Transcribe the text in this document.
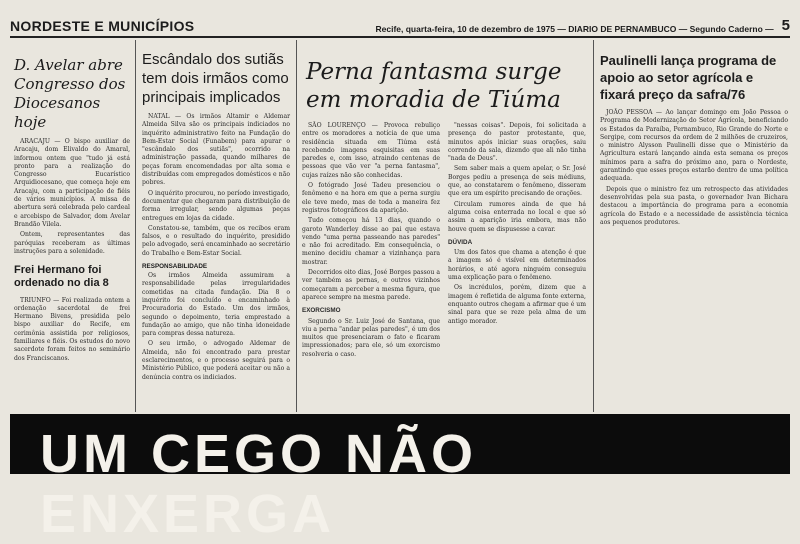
NORDESTE E MUNICÍPIOS	Recife, quarta-feira, 10 de dezembro de 1975 — DIARIO DE PERNAMBUCO — Segundo Caderno — 5
D. Avelar abre Congresso dos Diocesanos hoje

ARACAJU — O bispo auxiliar de Aracaju, dom Elivaldo do Amaral, informou ontem que "tudo já está pronto para a realização do Congresso Eucarístico Arquidiocesano, que começa hoje em Aracaju, com a participação de fiéis de vários municípios. A missa de abertura será celebrada pelo cardeal e arcebispo de Salvador, dom Avelar Brandão Vilela.

Ontem, representantes das paróquias receberam as últimas instruções para a solenidade.

Frei Hermano foi ordenado no dia 8

TRIUNFO — Foi realizada ontem a ordenação sacerdotal de frei Hermano Bivens, presidida pelo bispo auxiliar do Recife, em cerimônia assistida por religiosos, familiares e fiéis. Os estudos do novo sacerdote foram feitos no seminário dos Franciscanos.

Escândalo dos sutiãs tem dois irmãos como principais implicados

NATAL — Os irmãos Altamir e Aldemar Almeida Silva são os principais indiciados no inquérito administrativo feito na Fundação do Bem-Estar Social (Funabem) para apurar o "escândalo dos sutiãs", ocorrido na administração passada, quando milhares de peças foram encomendadas por alta soma e distribuídas com empregados domésticos e não pobres.

O inquérito procurou, no período investigado, documentar que chegaram para distribuição de forma irregular, sendo algumas peças entregues em lojas da cidade.

Constatou-se, também, que os recibos eram falsos, e o resultado do inquérito, presidido pelo advogado, será encaminhado ao secretário do Trabalho e Bem-Estar Social.

RESPONSABILIDADE

Os irmãos Almeida assumiram a responsabilidade pelas irregularidades cometidas na citada fundação. Dia 8 o inquérito foi concluído e encaminhado à Procuradoria do Estado. Um dos irmãos, segundo o depoimento, teria emprestado a fundação ao amigo, que não tinha idoneidade para compras dessa natureza.

O seu irmão, o advogado Aldemar de Almeida, não foi encontrado para prestar esclarecimentos, e o processo seguirá para o Ministério Público, que poderá aceitar ou não a denúncia contra os indiciados.

Perna fantasma surge em moradia de Tiúma

SÃO LOURENÇO — Provoca rebuliço entre os moradores a notícia de que uma residência situada em Tiúma está recebendo imagens esquisitas em suas paredes e, com isso, atraindo centenas de pessoas que vão ver "a perna fantasma", cujas raízes não são conhecidas.

O fotógrado José Tadeu presenciou o fenômeno e na hora em que a perna surgiu ele teve medo, mas de toda a maneira fez registros fotográficos da aparição.

Tudo começou há 13 dias, quando o garoto Wanderley disse ao pai que estava vendo "uma perna passeando nas paredes" e não foi acreditado. Em consequência, o menino decidiu chamar a vizinhança para mostrar.

Decorridos oito dias, José Borges passou a ver também as pernas, e outros vizinhos começaram a perceber a mesma figura, que aparece sempre na mesma parede.

EXORCISMO

Segundo o Sr. Luiz José de Santana, que viu a perna "andar pelas paredes", é um dos muitos que presenciaram o fato e ficaram impressionados; para ele, só um exorcismo resolveria o caso.

"nessas coisas". Depois, foi solicitada a presença do pastor protestante, que, minutos após iniciar suas orações, saiu correndo da sala, dizendo que ali não tinha "nada de Deus".

Sem saber mais a quem apelar, o Sr. José Borges pediu a presença de seis médiuns, que, ao constatarem o fenômeno, disseram que era um espírito precisando de orações.

Circulam rumores ainda de que há alguma coisa enterrada no local e que só assim a aparição iria embora, mas não houve quem se dispusesse a cavar.

DÚVIDA

Um dos fatos que chama a atenção é que a imagem só é visível em determinados horários, e até agora ninguém conseguiu uma explicação para o fenômeno.

Os incrédulos, porém, dizem que a imagem é refletida de alguma fonte externa, enquanto outros chegam a afirmar que é um sinal para que se reze pela alma de um antigo morador.

Paulinelli lança programa de apoio ao setor agrícola e fixará preço da safra/76

JOÃO PESSOA — Ao lançar domingo em João Pessoa o Programa de Modernização do Setor Agrícola, beneficiando os Estados da Paraíba, Pernambuco, Rio Grande do Norte e Sergipe, com recursos da ordem de 2 milhões de cruzeiros, o ministro Alysson Paulinelli disse que o Ministério da Agricultura estará lançando ainda esta semana os preços mínimos para a safra do próximo ano, para o Nordeste, garantindo que esses preços estarão dentro de uma política adequada.

Depois que o ministro fez um retrospecto das atividades desenvolvidas pela sua pasta, o governador Ivan Bichara destacou a importância do programa para a economia agrícola do Estado e a necessidade de assistência técnica aos pequenos produtores.

UM CEGO NÃO ENXERGA
